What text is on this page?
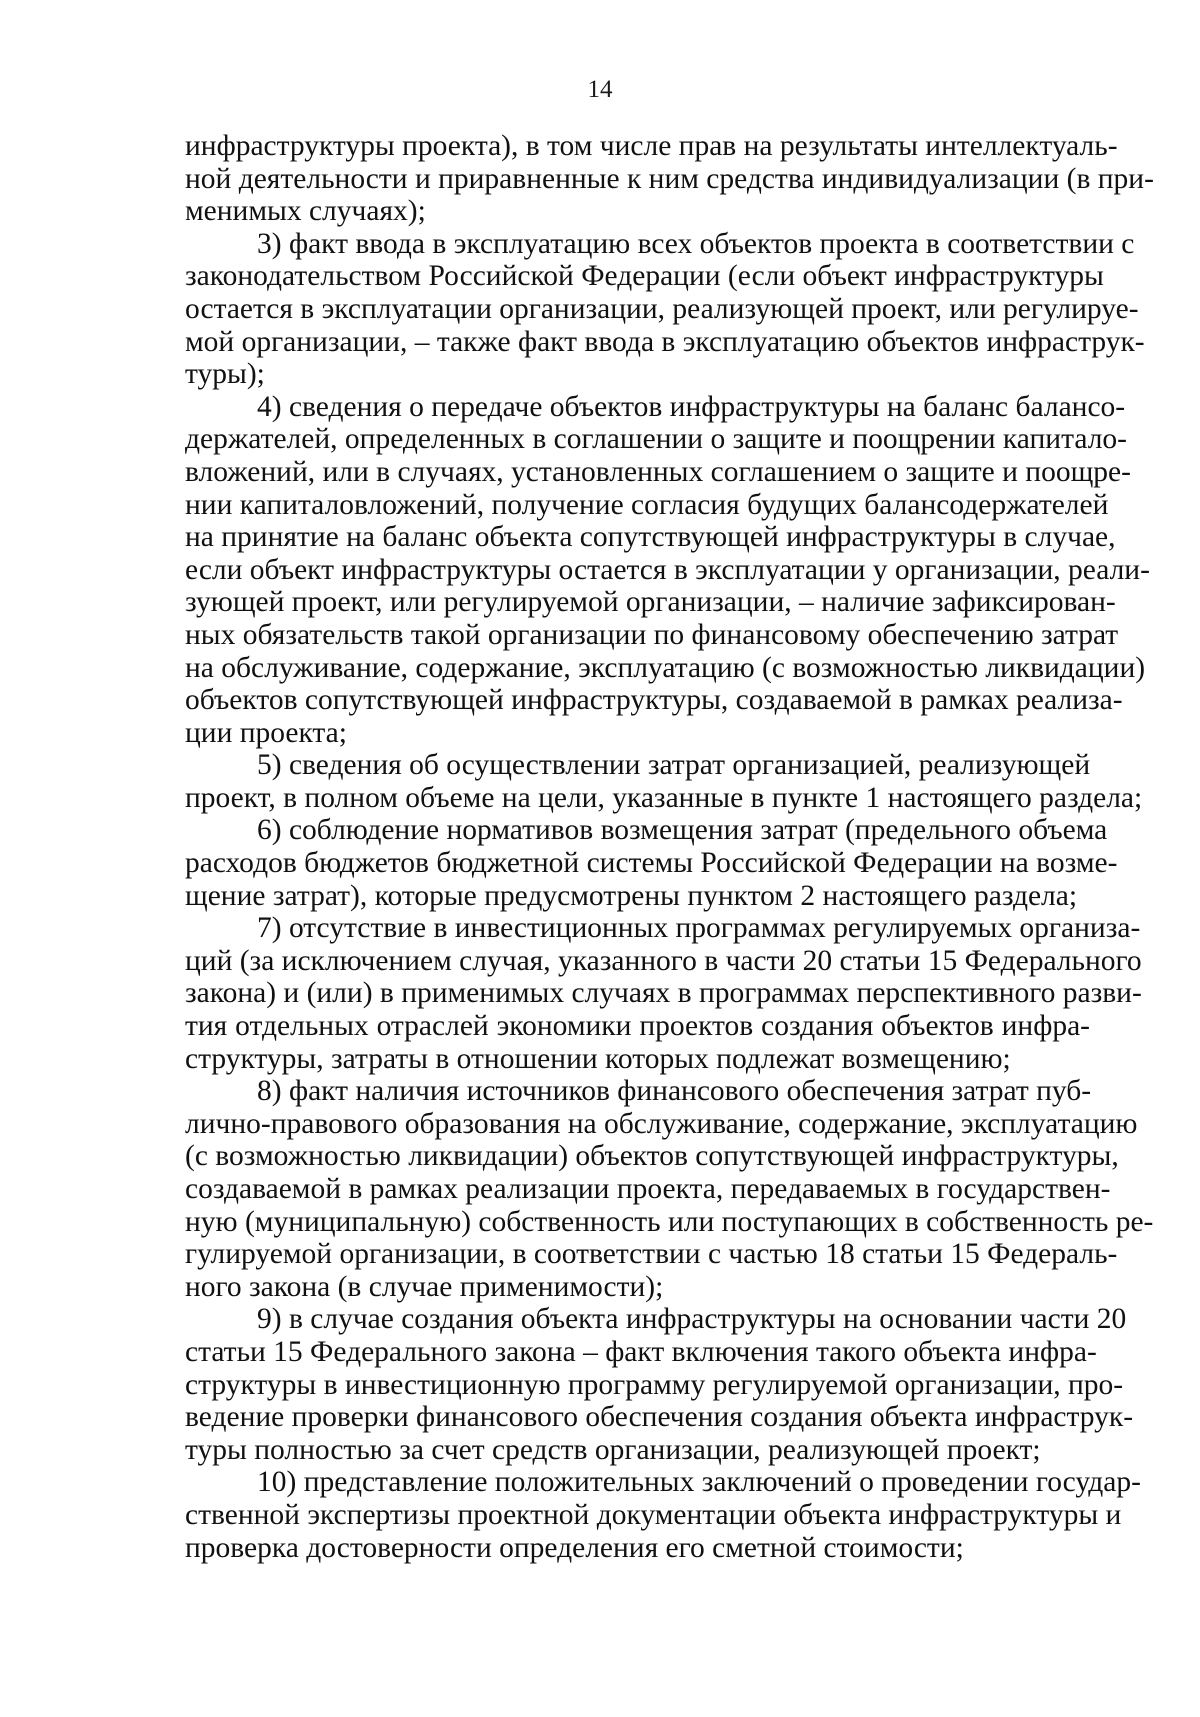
14
инфраструктуры проекта), в том числе прав на результаты интеллектуаль-
ной деятельности и приравненные к ним средства индивидуализации (в при-
менимых случаях);
3) факт ввода в эксплуатацию всех объектов проекта в соответствии с
законодательством Российской Федерации (если объект инфраструктуры
остается в эксплуатации организации, реализующей проект, или регулируе-
мой организации, – также факт ввода в эксплуатацию объектов инфраструк-
туры);
4) сведения о передаче объектов инфраструктуры на баланс балансо-
держателей, определенных в соглашении о защите и поощрении капитало-
вложений, или в случаях, установленных соглашением о защите и поощре-
нии капиталовложений, получение согласия будущих балансодержателей
на принятие на баланс объекта сопутствующей инфраструктуры в случае,
если объект инфраструктуры остается в эксплуатации у организации, реали-
зующей проект, или регулируемой организации, – наличие зафиксирован-
ных обязательств такой организации по финансовому обеспечению затрат
на обслуживание, содержание, эксплуатацию (с возможностью ликвидации)
объектов сопутствующей инфраструктуры, создаваемой в рамках реализа-
ции проекта;
5) сведения об осуществлении затрат организацией, реализующей
проект, в полном объеме на цели, указанные в пункте 1 настоящего раздела;
6) соблюдение нормативов возмещения затрат (предельного объема
расходов бюджетов бюджетной системы Российской Федерации на возме-
щение затрат), которые предусмотрены пунктом 2 настоящего раздела;
7) отсутствие в инвестиционных программах регулируемых организа-
ций (за исключением случая, указанного в части 20 статьи 15 Федерального
закона) и (или) в применимых случаях в программах перспективного разви-
тия отдельных отраслей экономики проектов создания объектов инфра-
структуры, затраты в отношении которых подлежат возмещению;
8) факт наличия источников финансового обеспечения затрат пуб-
лично-правового образования на обслуживание, содержание, эксплуатацию
(с возможностью ликвидации) объектов сопутствующей инфраструктуры,
создаваемой в рамках реализации проекта, передаваемых в государствен-
ную (муниципальную) собственность или поступающих в собственность ре-
гулируемой организации, в соответствии с частью 18 статьи 15 Федераль-
ного закона (в случае применимости);
9) в случае создания объекта инфраструктуры на основании части 20
статьи 15 Федерального закона – факт включения такого объекта инфра-
структуры в инвестиционную программу регулируемой организации, про-
ведение проверки финансового обеспечения создания объекта инфраструк-
туры полностью за счет средств организации, реализующей проект;
10) представление положительных заключений о проведении государ-
ственной экспертизы проектной документации объекта инфраструктуры и
проверка достоверности определения его сметной стоимости;
